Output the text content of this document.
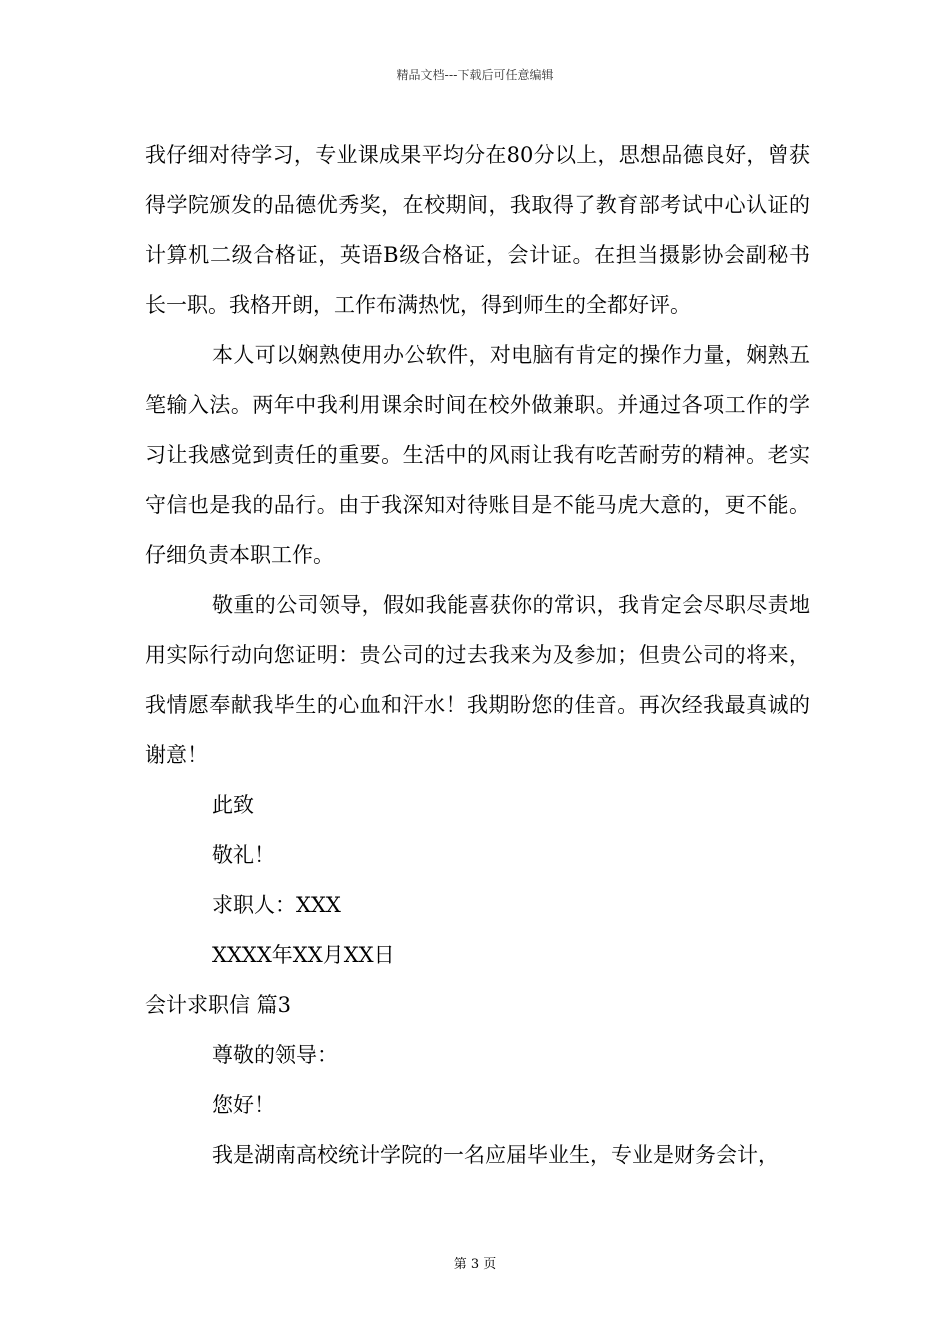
精品文档---下载后可任意编辑

我仔细对待学习，专业课成果平均分在80分以上，思想品德良好，曾获得学院颁发的品德优秀奖，在校期间，我取得了教育部考试中心认证的计算机二级合格证，英语B级合格证，会计证。在担当摄影协会副秘书长一职。我格开朗，工作布满热忱，得到师生的全都好评。

本人可以娴熟使用办公软件，对电脑有肯定的操作力量，娴熟五笔输入法。两年中我利用课余时间在校外做兼职。并通过各项工作的学习让我感觉到责任的重要。生活中的风雨让我有吃苦耐劳的精神。老实守信也是我的品行。由于我深知对待账目是不能马虎大意的，更不能。仔细负责本职工作。

敬重的公司领导，假如我能喜获你的常识，我肯定会尽职尽责地用实际行动向您证明：贵公司的过去我来为及参加；但贵公司的将来，我情愿奉献我毕生的心血和汗水！我期盼您的佳音。再次经我最真诚的谢意！

此致
敬礼！
求职人：XXX
XXXX年XX月XX日
会计求职信 篇3
尊敬的领导：
您好！

我是湖南高校统计学院的一名应届毕业生，专业是财务会计，

第 3 页
